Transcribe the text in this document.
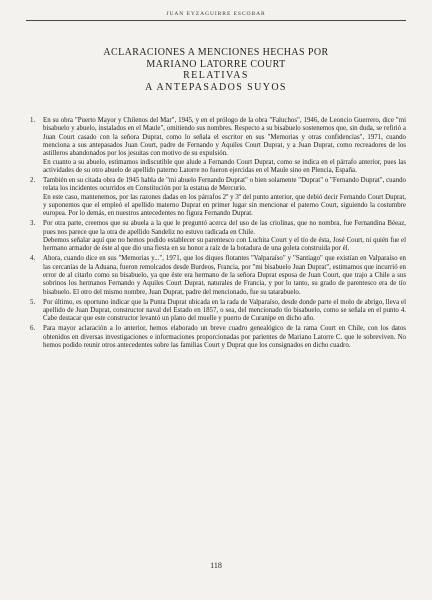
JUAN EYZAGUIRRE ESCOBAR
ACLARACIONES A MENCIONES HECHAS POR
MARIANO LATORRE COURT
RELATIVAS
A ANTEPASADOS SUYOS
1. En su obra "Puerto Mayor y Chilenos del Mar", 1945, y en el prólogo de la obra "Faluchos", 1946, de Leoncio Guerrero, dice "mi bisabuelo y abuelo, instalados en el Maule", omitiendo sus nombres. Respecto a su bisabuelo sostenemos que, sin duda, se refirió a Juan Court casado con la señora Duprat, como lo señala el escritor en sus "Memorias y otras confidencias", 1971, cuando menciona a sus antepasados Juan Court, padre de Fernando y Aquiles Court Duprat, y a Juan Duprat, como recreadores de los astilleros abandonados por los jesuitas con motivo de su expulsión.

En cuanto a su abuelo, estimamos indiscutible que alude a Fernando Court Duprat, como se indica en el párrafo anterior, pues las actividades de su otro abuelo de apellido paterno Latorre no fueron ejercidas en el Maule sino en Plencia, España.

2. También en su citada obra de 1945 habla de "mi abuelo Fernando Duprat" o bien solamente "Duprat" o "Fernando Duprat", cuando relata los incidentes ocurridos en Constitución por la estatua de Mercurio.

En este caso, mantenemos, por las razones dadas en los párrafos 2º y 3º del punto anterior, que debió decir Fernando Court Duprat, y suponemos que el empleó el apellido materno Duprat en primer lugar sin mencionar el paterno Court, siguiendo la costumbre europea. Por lo demás, en nuestros antecedentes no figura Fernando Duprat.

3. Por otra parte, creemos que su abuela a la que le preguntó acerca del uso de las criolinas, que no nombra, fue Fernandina Béeaz, pues nos parece que la otra de apellido Sandeliz no estuvo radicada en Chile.

Debemos señalar aquí que no hemos podido establecer su parentesco con Luchita Court y el tío de ésta, José Court, ni quién fue el hermano armador de éste al que dio una fiesta en su honor a raíz de la botadura de una goleta construida por él.

4. Ahora, cuando dice en sus "Memorias y...", 1971, que los diques flotantes "Valparaíso" y "Santiago" que existían en Valparaíso en las cercanías de la Aduana, fueron remolcados desde Burdeos, Francia, por "mi bisabuelo Juan Duprat", estimamos que incurrió en error de al citarlo como su bisabuelo, ya que éste era hermano de la señora Duprat esposa de Juan Court, que trajo a Chile a sus sobrinos los hermanos Fernando y Aquiles Court Duprat, naturales de Francia, y por lo tanto, su grado de parentesco era de tío bisabuelo. El otro del mismo nombre, Juan Duprat, padre del mencionado, fue su tatarabuelo.

5. Por último, es oportuno indicar que la Punta Duprat ubicada en la rada de Valparaíso, desde donde parte el molo de abrigo, lleva el apellido de Juan Duprat, constructor naval del Estado en 1857, o sea, del mencionado tío bisabuelo, como se señala en el punto 4. Cabe destacar que este constructor levantó un plano del muelle y puerto de Curanipe en dicho año.

6. Para mayor aclaración a lo anterior, hemos elaborado un breve cuadro genealógico de la rama Court en Chile, con los datos obtenidos en diversas investigaciones e informaciones proporcionadas por parientes de Mariano Latorre C. que le sobreviven. No hemos podido reunir otros antecedentes sobre las familias Court y Duprat que los consignados en dicho cuadro.

118
